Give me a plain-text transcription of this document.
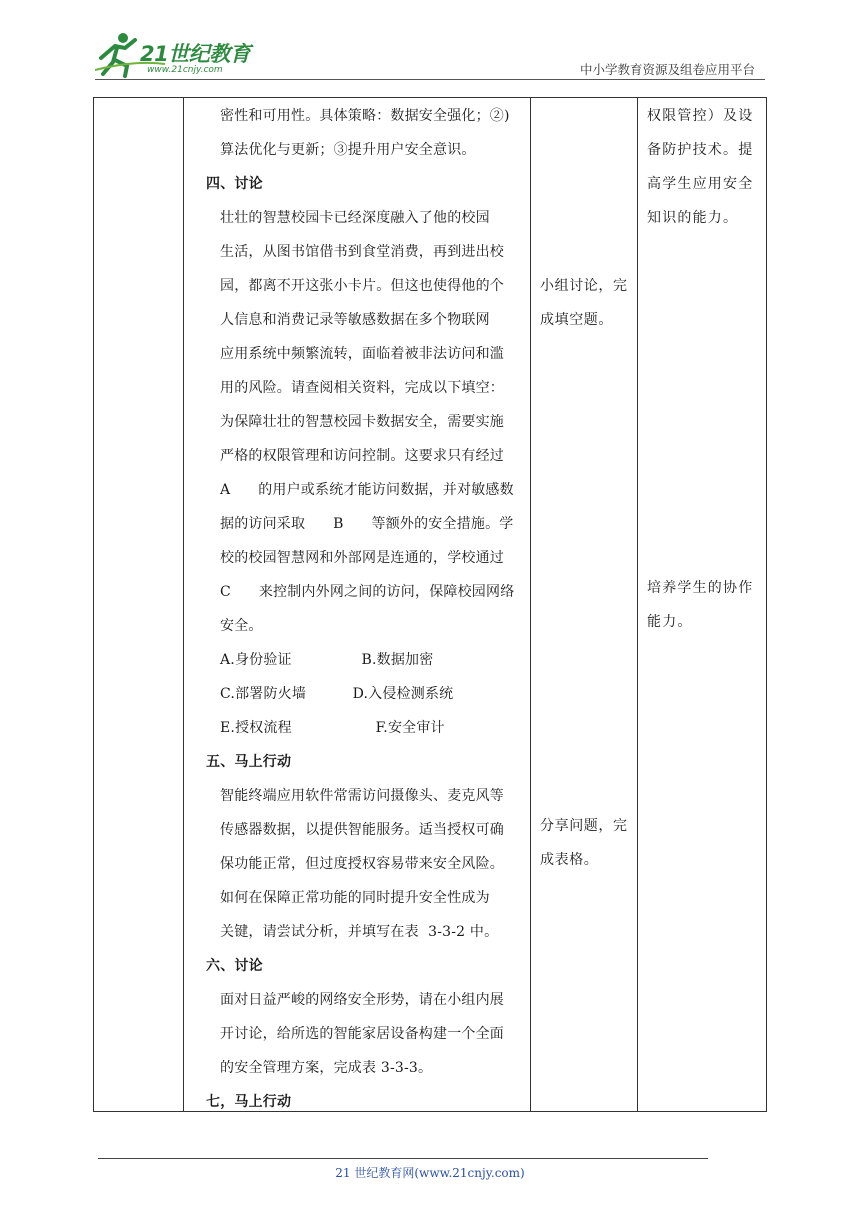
21世纪教育
www.21cnjy.com	中小学教育资源及组卷应用平台
密性和可用性。具体策略：数据安全强化；②)
算法优化与更新；③提升用户安全意识。
四、讨论
壮壮的智慧校园卡已经深度融入了他的校园
生活，从图书馆借书到食堂消费，再到进出校
园，都离不开这张小卡片。但这也使得他的个
人信息和消费记录等敏感数据在多个物联网
应用系统中频繁流转，面临着被非法访问和滥
用的风险。请查阅相关资料，完成以下填空：
为保障壮壮的智慧校园卡数据安全，需要实施
严格的权限管理和访问控制。这要求只有经过
A      的用户或系统才能访问数据，并对敏感数
据的访问采取      B      等额外的安全措施。学
校的校园智慧网和外部网是连通的，学校通过
C      来控制内外网之间的访问，保障校园网络
安全。
A.身份验证               B.数据加密
C.部署防火墙          D.入侵检测系统
E.授权流程                  F.安全审计
五、马上行动
智能终端应用软件常需访问摄像头、麦克风等
传感器数据，以提供智能服务。适当授权可确
保功能正常，但过度授权容易带来安全风险。
如何在保障正常功能的同时提升安全性成为
关键，请尝试分析，并填写在表  3-3-2 中。
六、讨论
面对日益严峻的网络安全形势，请在小组内展
开讨论，给所选的智能家居设备构建一个全面
的安全管理方案，完成表 3-3-3。
七，马上行动
小组讨论，完
成填空题。
分享问题，完
成表格。
权限管控）及设
备防护技术。提
高学生应用安全
知识的能力。
培养学生的协作
能力。
21 世纪教育网(www.21cnjy.com)
